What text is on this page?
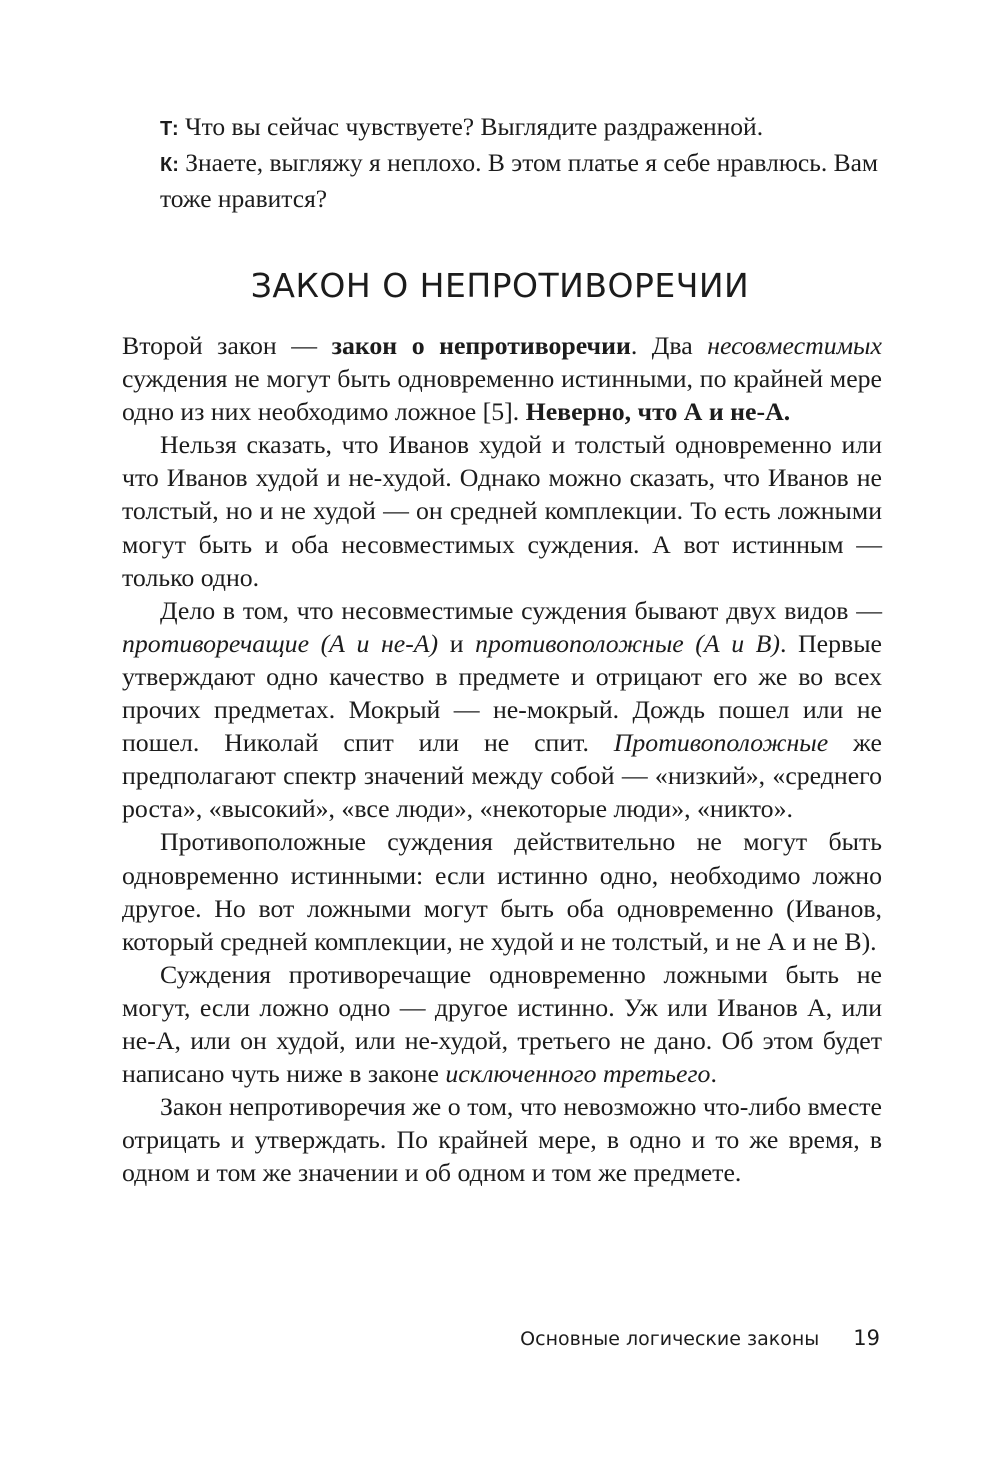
Т: Что вы сейчас чувствуете? Выглядите раздраженной.

К: Знаете, выгляжу я неплохо. В этом платье я себе нравлюсь. Вам тоже нравится?

ЗАКОН О НЕПРОТИВОРЕЧИИ

Второй закон — закон о непротиворечии. Два несовместимых суждения не могут быть одновременно истинными, по крайней мере одно из них необходимо ложное [5]. Неверно, что А и не-А.

Нельзя сказать, что Иванов худой и толстый одновременно или что Иванов худой и не-худой. Однако можно сказать, что Иванов не толстый, но и не худой — он средней комплекции. То есть ложными могут быть и оба несовместимых суждения. А вот истинным — только одно.

Дело в том, что несовместимые суждения бывают двух видов — противоречащие (А и не-А) и противоположные (А и В). Первые утверждают одно качество в предмете и отрицают его же во всех прочих предметах. Мокрый — не-мокрый. Дождь пошел или не пошел. Николай спит или не спит. Противоположные же предполагают спектр значений между собой — «низкий», «среднего роста», «высокий», «все люди», «некоторые люди», «никто».

Противоположные суждения действительно не могут быть одновременно истинными: если истинно одно, необходимо ложно другое. Но вот ложными могут быть оба одновременно (Иванов, который средней комплекции, не худой и не толстый, и не А и не В).

Суждения противоречащие одновременно ложными быть не могут, если ложно одно — другое истинно. Уж или Иванов А, или не-А, или он худой, или не-худой, третьего не дано. Об этом будет написано чуть ниже в законе исключенного третьего.

Закон непротиворечия же о том, что невозможно что-либо вместе отрицать и утверждать. По крайней мере, в одно и то же время, в одном и том же значении и об одном и том же предмете.

Основные логические законы 19
